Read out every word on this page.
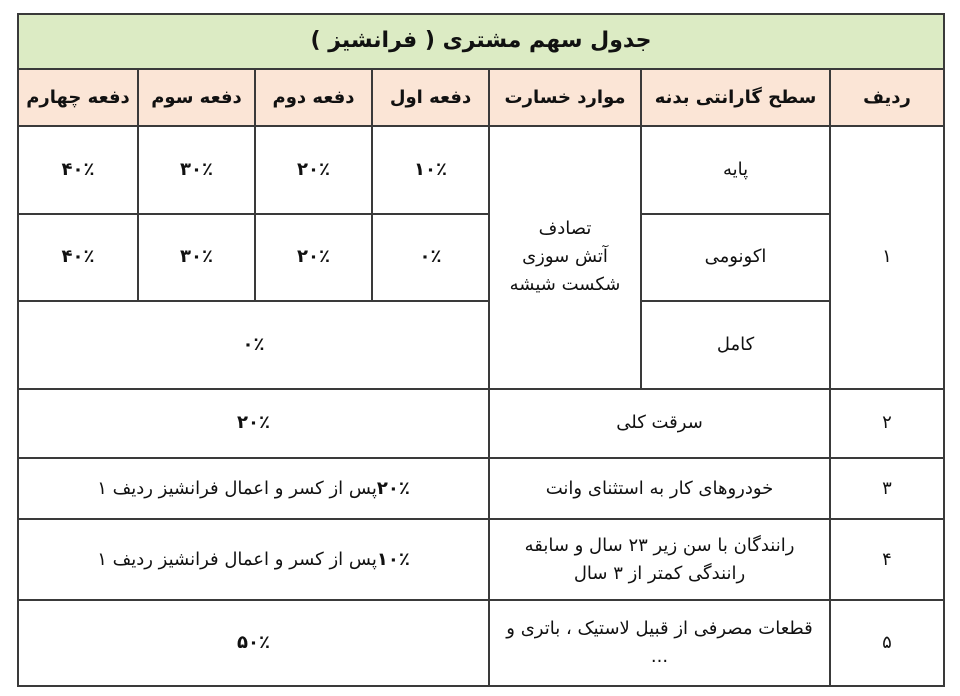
جدول سهم مشتری ( فرانشیز )						
ردیف	سطح گارانتی بدنه	موارد خسارت	دفعه اول	دفعه دوم	دفعه سوم	دفعه چهارم
۱	پایه	تصادف
آتش سوزی
شکست شیشه	۱۰٪	۲۰٪	۳۰٪	۴۰٪
	اکونومی		۰٪	۲۰٪	۳۰٪	۴۰٪
	کامل		۰٪			
۲	سرقت کلی		۲۰٪			
۳	خودروهای کار به استثنای وانت		۲۰٪پس از کسر و اعمال فرانشیز ردیف ۱			
۴	رانندگان با سن زیر ۲۳ سال و سابقه
رانندگی کمتر از ۳ سال		۱۰٪پس از کسر و اعمال فرانشیز ردیف ۱			
۵	قطعات مصرفی از قبیل لاستیک ، باتری و
...		۵۰٪			
